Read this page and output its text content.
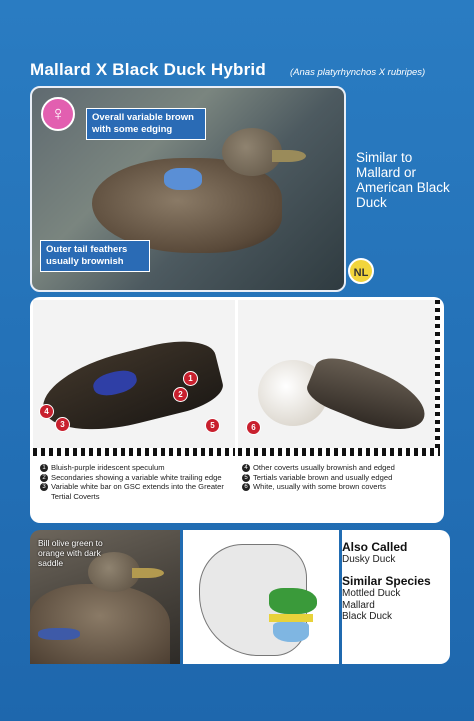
Mallard X Black Duck Hybrid	(Anas platyrhynchos X rubripes)
♀	Overall variable brown with some edging
Outer tail feathers usually brownish
NL
Similar to Mallard or American Black Duck
1
2
3
4
5	6
1 Bluish-purple iridescent speculum
2 Secondaries showing a variable white trailing edge
3 Variable white bar on GSC extends into the Greater Tertial Coverts
4 Other coverts usually brownish and edged
5 Tertials variable brown and usually edged
6 White, usually with some brown coverts
Bill olive green to orange with dark saddle
Also Called
Dusky Duck
Similar Species
Mottled Duck
Mallard
Black Duck
